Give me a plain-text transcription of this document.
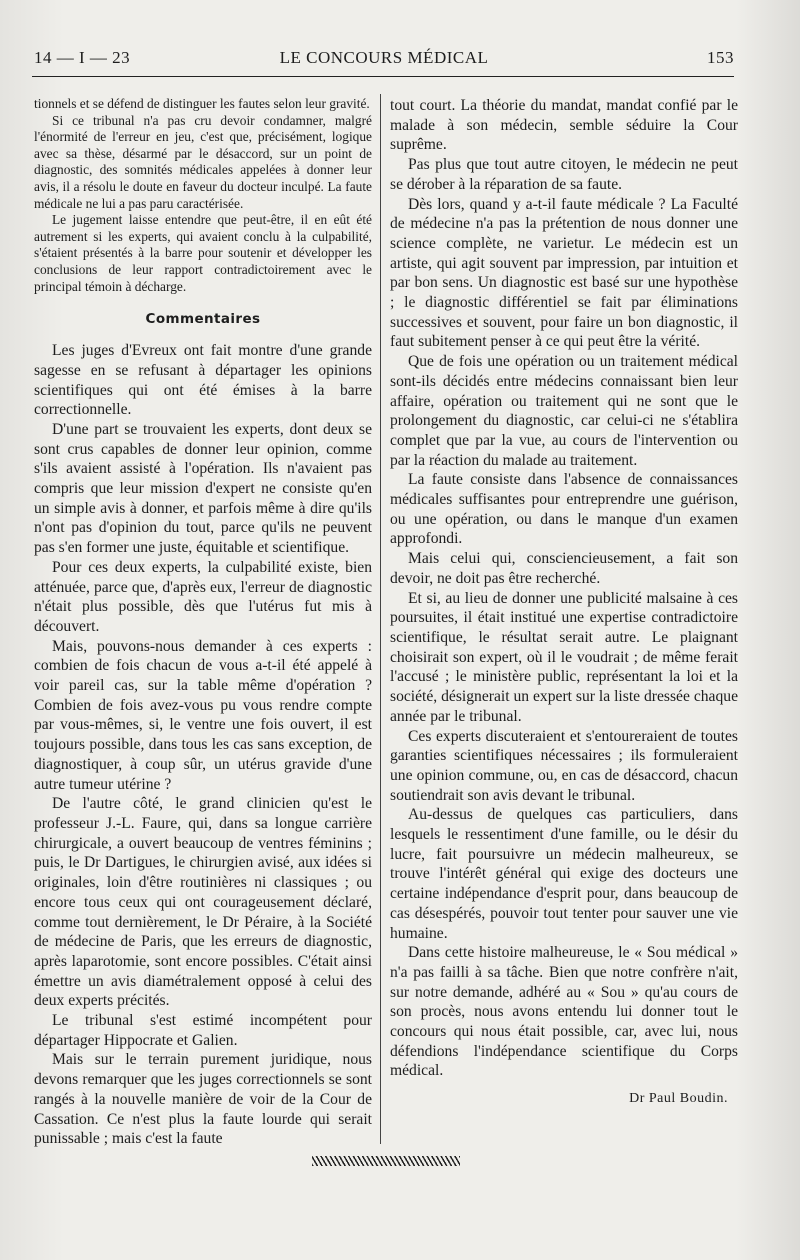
14 — I — 23	LE CONCOURS MÉDICAL	153

tionnels et se défend de distinguer les fautes selon leur gravité.

Si ce tribunal n'a pas cru devoir condamner, malgré l'énormité de l'erreur en jeu, c'est que, précisément, logique avec sa thèse, désarmé par le désaccord, sur un point de diagnostic, des somnités médicales appelées à donner leur avis, il a résolu le doute en faveur du docteur inculpé. La faute médicale ne lui a pas paru caractérisée.

Le jugement laisse entendre que peut-être, il en eût été autrement si les experts, qui avaient conclu à la culpabilité, s'étaient présentés à la barre pour soutenir et développer les conclusions de leur rapport contradictoirement avec le principal témoin à décharge.

Commentaires

Les juges d'Evreux ont fait montre d'une grande sagesse en se refusant à départager les opinions scientifiques qui ont été émises à la barre correctionnelle.

D'une part se trouvaient les experts, dont deux se sont crus capables de donner leur opinion, comme s'ils avaient assisté à l'opération. Ils n'avaient pas compris que leur mission d'expert ne consiste qu'en un simple avis à donner, et parfois même à dire qu'ils n'ont pas d'opinion du tout, parce qu'ils ne peuvent pas s'en former une juste, équitable et scientifique.

Pour ces deux experts, la culpabilité existe, bien atténuée, parce que, d'après eux, l'erreur de diagnostic n'était plus possible, dès que l'utérus fut mis à découvert.

Mais, pouvons-nous demander à ces experts : combien de fois chacun de vous a-t-il été appelé à voir pareil cas, sur la table même d'opération ? Combien de fois avez-vous pu vous rendre compte par vous-mêmes, si, le ventre une fois ouvert, il est toujours possible, dans tous les cas sans exception, de diagnostiquer, à coup sûr, un utérus gravide d'une autre tumeur utérine ?

De l'autre côté, le grand clinicien qu'est le professeur J.-L. Faure, qui, dans sa longue carrière chirurgicale, a ouvert beaucoup de ventres féminins ; puis, le Dr Dartigues, le chirurgien avisé, aux idées si originales, loin d'être routinières ni classiques ; ou encore tous ceux qui ont courageusement déclaré, comme tout dernièrement, le Dr Péraire, à la Société de médecine de Paris, que les erreurs de diagnostic, après laparotomie, sont encore possibles. C'était ainsi émettre un avis diamétralement opposé à celui des deux experts précités.

Le tribunal s'est estimé incompétent pour départager Hippocrate et Galien.

Mais sur le terrain purement juridique, nous devons remarquer que les juges correctionnels se sont rangés à la nouvelle manière de voir de la Cour de Cassation. Ce n'est plus la faute lourde qui serait punissable ; mais c'est la faute

tout court. La théorie du mandat, mandat confié par le malade à son médecin, semble séduire la Cour suprême.

Pas plus que tout autre citoyen, le médecin ne peut se dérober à la réparation de sa faute.

Dès lors, quand y a-t-il faute médicale ? La Faculté de médecine n'a pas la prétention de nous donner une science complète, ne varietur. Le médecin est un artiste, qui agit souvent par impression, par intuition et par bon sens. Un diagnostic est basé sur une hypothèse ; le diagnostic différentiel se fait par éliminations successives et souvent, pour faire un bon diagnostic, il faut subitement penser à ce qui peut être la vérité.

Que de fois une opération ou un traitement médical sont-ils décidés entre médecins connaissant bien leur affaire, opération ou traitement qui ne sont que le prolongement du diagnostic, car celui-ci ne s'établira complet que par la vue, au cours de l'intervention ou par la réaction du malade au traitement.

La faute consiste dans l'absence de connaissances médicales suffisantes pour entreprendre une guérison, ou une opération, ou dans le manque d'un examen approfondi.

Mais celui qui, consciencieusement, a fait son devoir, ne doit pas être recherché.

Et si, au lieu de donner une publicité malsaine à ces poursuites, il était institué une expertise contradictoire scientifique, le résultat serait autre. Le plaignant choisirait son expert, où il le voudrait ; de même ferait l'accusé ; le ministère public, représentant la loi et la société, désignerait un expert sur la liste dressée chaque année par le tribunal.

Ces experts discuteraient et s'entoureraient de toutes garanties scientifiques nécessaires ; ils formuleraient une opinion commune, ou, en cas de désaccord, chacun soutiendrait son avis devant le tribunal.

Au-dessus de quelques cas particuliers, dans lesquels le ressentiment d'une famille, ou le désir du lucre, fait poursuivre un médecin malheureux, se trouve l'intérêt général qui exige des docteurs une certaine indépendance d'esprit pour, dans beaucoup de cas désespérés, pouvoir tout tenter pour sauver une vie humaine.

Dans cette histoire malheureuse, le « Sou médical » n'a pas failli à sa tâche. Bien que notre confrère n'ait, sur notre demande, adhéré au « Sou » qu'au cours de son procès, nous avons entendu lui donner tout le concours qui nous était possible, car, avec lui, nous défendions l'indépendance scientifique du Corps médical.

Dr Paul Boudin.
